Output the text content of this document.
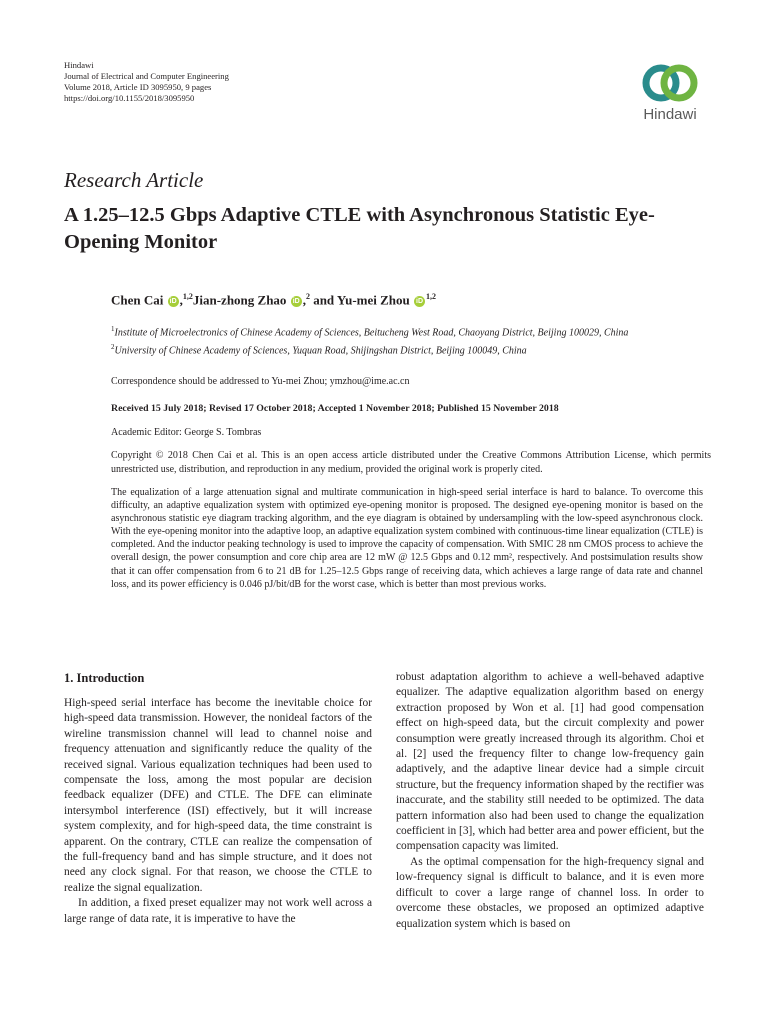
Hindawi
Journal of Electrical and Computer Engineering
Volume 2018, Article ID 3095950, 9 pages
https://doi.org/10.1155/2018/3095950
Hindawi
Research Article
A 1.25–12.5 Gbps Adaptive CTLE with Asynchronous Statistic Eye-Opening Monitor
Chen Cai iD ,$^{1,2}$Jian-zhong Zhao iD ,$^2$ and Yu-mei Zhou iD$^{1,2}$
$^1$Institute of Microelectronics of Chinese Academy of Sciences, Beitucheng West Road, Chaoyang District, Beijing 100029, China
$^2$University of Chinese Academy of Sciences, Yuquan Road, Shijingshan District, Beijing 100049, China
Correspondence should be addressed to Yu-mei Zhou; ymzhou@ime.ac.cn
Received 15 July 2018; Revised 17 October 2018; Accepted 1 November 2018; Published 15 November 2018
Academic Editor: George S. Tombras
Copyright © 2018 Chen Cai et al. This is an open access article distributed under the Creative Commons Attribution License, which permits unrestricted use, distribution, and reproduction in any medium, provided the original work is properly cited.

The equalization of a large attenuation signal and multirate communication in high-speed serial interface is hard to balance. To overcome this difficulty, an adaptive equalization system with optimized eye-opening monitor is proposed. The designed eye-opening monitor is based on the asynchronous statistic eye diagram tracking algorithm, and the eye diagram is obtained by undersampling with the low-speed asynchronous clock. With the eye-opening monitor into the adaptive loop, an adaptive equalization system combined with continuous-time linear equalization (CTLE) is completed. And the inductor peaking technology is used to improve the capacity of compensation. With SMIC 28 nm CMOS process to achieve the overall design, the power consumption and core chip area are 12 mW @ 12.5 Gbps and 0.12 mm², respectively. And postsimulation results show that it can offer compensation from 6 to 21 dB for 1.25–12.5 Gbps range of receiving data, which achieves a large range of data rate and channel loss, and its power efficiency is 0.046 pJ/bit/dB for the worst case, which is better than most previous works.

1. Introduction

High-speed serial interface has become the inevitable choice for high-speed data transmission. However, the nonideal factors of the wireline transmission channel will lead to channel noise and frequency attenuation and significantly reduce the quality of the received signal. Various equalization techniques had been used to compensate the loss, among the most popular are decision feedback equalizer (DFE) and CTLE. The DFE can eliminate intersymbol interference (ISI) effectively, but it will increase system complexity, and for high-speed data, the time constraint is apparent. On the contrary, CTLE can realize the compensation of the full-frequency band and has simple structure, and it does not need any clock signal. For that reason, we choose the CTLE to realize the signal equalization.

In addition, a fixed preset equalizer may not work well across a large range of data rate, it is imperative to have the

robust adaptation algorithm to achieve a well-behaved adaptive equalizer. The adaptive equalization algorithm based on energy extraction proposed by Won et al. [1] had good compensation effect on high-speed data, but the circuit complexity and power consumption were greatly increased through its algorithm. Choi et al. [2] used the frequency filter to change low-frequency gain adaptively, and the adaptive linear device had a simple circuit structure, but the frequency information shaped by the rectifier was inaccurate, and the stability still needed to be optimized. The data pattern information also had been used to change the equalization coefficient in [3], which had better area and power efficient, but the compensation capacity was limited.

As the optimal compensation for the high-frequency signal and low-frequency signal is difficult to balance, and it is even more difficult to cover a large range of channel loss. In order to overcome these obstacles, we proposed an optimized adaptive equalization system which is based on
